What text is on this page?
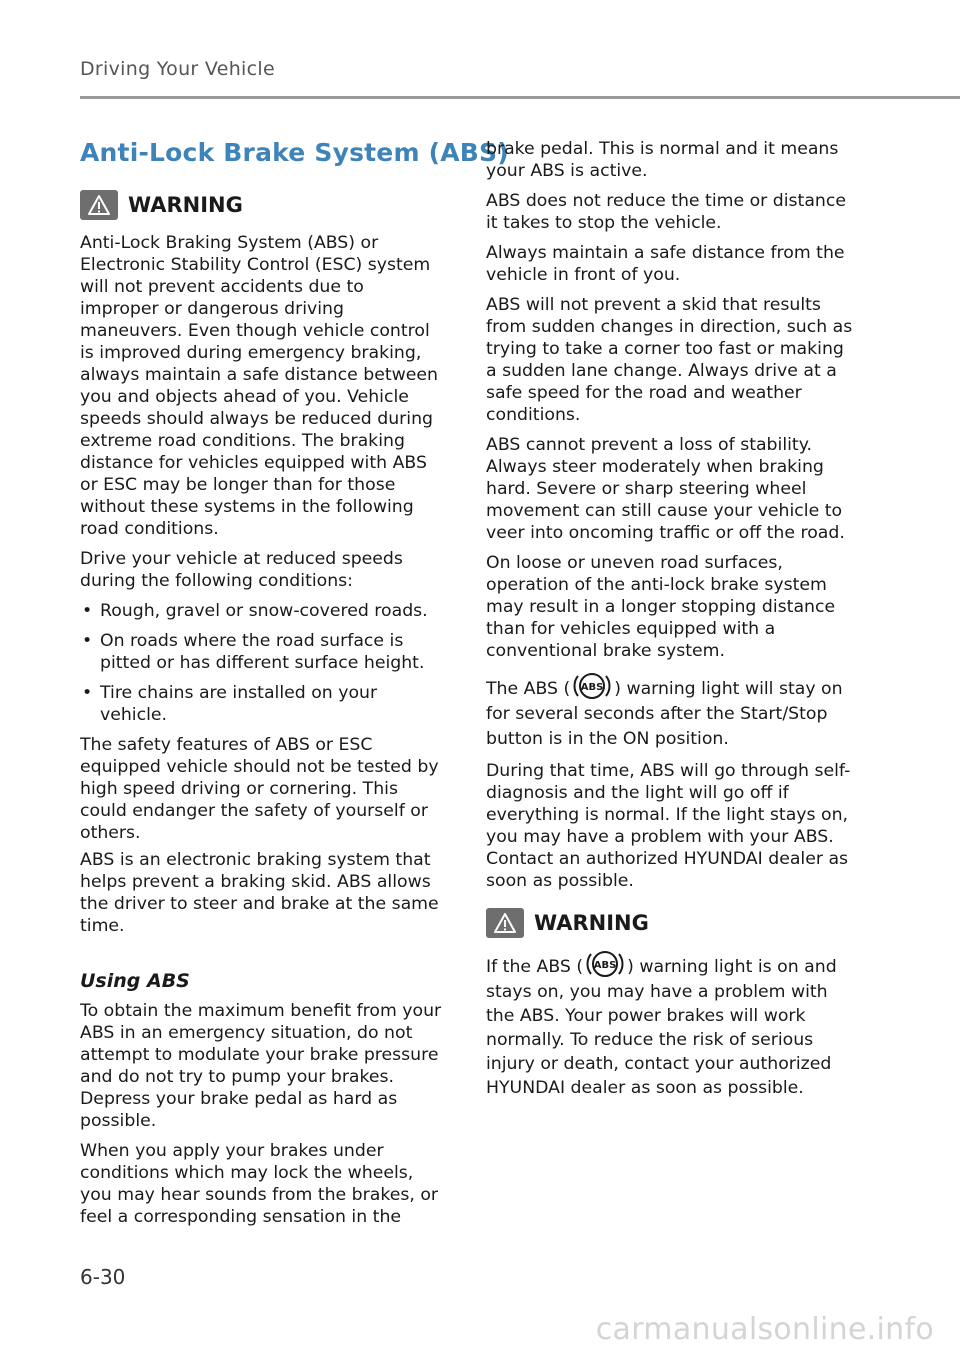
Driving Your Vehicle
Anti-Lock Brake System (ABS)
WARNING

Anti-Lock Braking System (ABS) or Electronic Stability Control (ESC) system will not prevent accidents due to improper or dangerous driving maneuvers. Even though vehicle control is improved during emergency braking, always maintain a safe distance between you and objects ahead of you. Vehicle speeds should always be reduced during extreme road conditions. The braking distance for vehicles equipped with ABS or ESC may be longer than for those without these systems in the following road conditions.

Drive your vehicle at reduced speeds during the following conditions:

• Rough, gravel or snow-covered roads.
• On roads where the road surface is pitted or has different surface height.
• Tire chains are installed on your vehicle.

The safety features of ABS or ESC equipped vehicle should not be tested by high speed driving or cornering. This could endanger the safety of yourself or others.

ABS is an electronic braking system that helps prevent a braking skid. ABS allows the driver to steer and brake at the same time.

Using ABS

To obtain the maximum benefit from your ABS in an emergency situation, do not attempt to modulate your brake pressure and do not try to pump your brakes. Depress your brake pedal as hard as possible.

When you apply your brakes under conditions which may lock the wheels, you may hear sounds from the brakes, or feel a corresponding sensation in the

brake pedal. This is normal and it means your ABS is active.

ABS does not reduce the time or distance it takes to stop the vehicle.

Always maintain a safe distance from the vehicle in front of you.

ABS will not prevent a skid that results from sudden changes in direction, such as trying to take a corner too fast or making a sudden lane change. Always drive at a safe speed for the road and weather conditions.

ABS cannot prevent a loss of stability. Always steer moderately when braking hard. Severe or sharp steering wheel movement can still cause your vehicle to veer into oncoming traffic or off the road.

On loose or uneven road surfaces, operation of the anti-lock brake system may result in a longer stopping distance than for vehicles equipped with a conventional brake system.

The ABS ( ABS ) warning light will stay on for several seconds after the Start/Stop button is in the ON position.

During that time, ABS will go through self-diagnosis and the light will go off if everything is normal. If the light stays on, you may have a problem with your ABS. Contact an authorized HYUNDAI dealer as soon as possible.

WARNING

If the ABS ( ABS ) warning light is on and stays on, you may have a problem with the ABS. Your power brakes will work normally. To reduce the risk of serious injury or death, contact your authorized HYUNDAI dealer as soon as possible.

6-30
carmanualsonline.info
